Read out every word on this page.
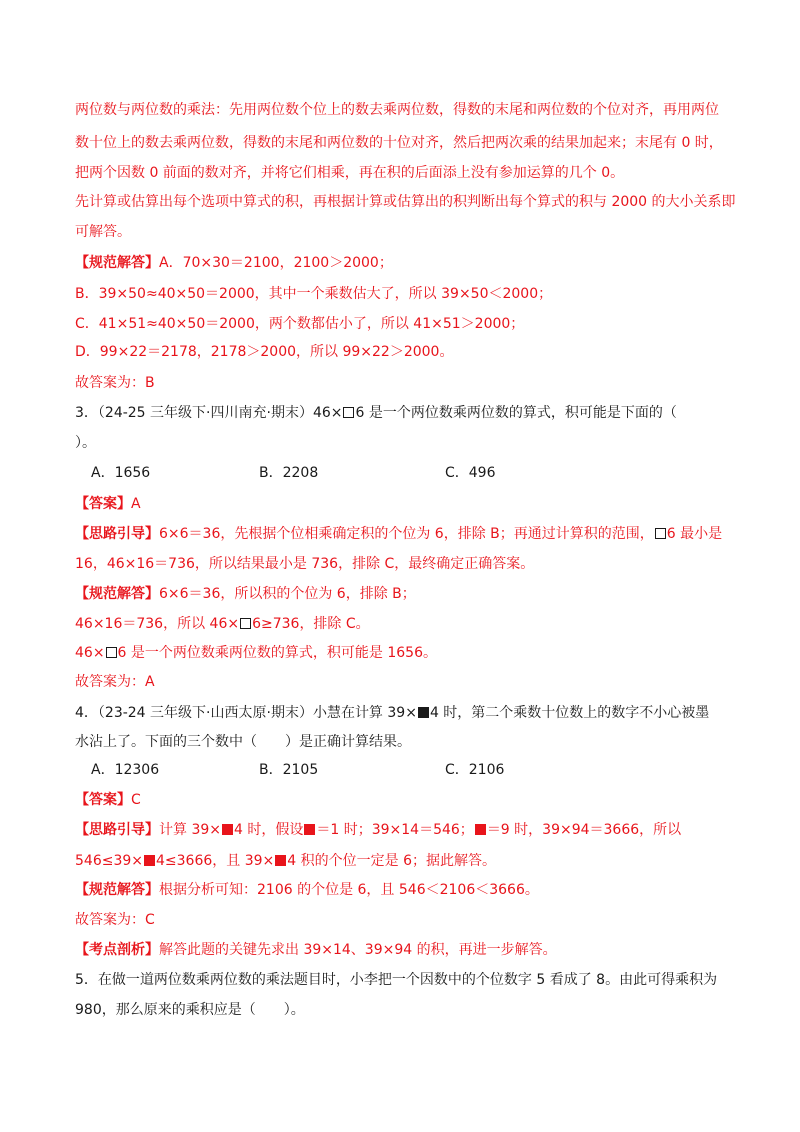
两位数与两位数的乘法：先用两位数个位上的数去乘两位数，得数的末尾和两位数的个位对齐，再用两位
数十位上的数去乘两位数，得数的末尾和两位数的十位对齐，然后把两次乘的结果加起来；末尾有 0 时，
把两个因数 0 前面的数对齐，并将它们相乘，再在积的后面添上没有参加运算的几个 0。
先计算或估算出每个选项中算式的积，再根据计算或估算出的积判断出每个算式的积与 2000 的大小关系即
可解答。
【规范解答】A．70×30＝2100，2100＞2000；
B．39×50≈40×50＝2000，其中一个乘数估大了，所以 39×50＜2000；
C．41×51≈40×50＝2000，两个数都估小了，所以 41×51＞2000；
D．99×22＝2178，2178＞2000，所以 99×22＞2000。
故答案为：B
3．（24-25 三年级下·四川南充·期末）46× 6 是一个两位数乘两位数的算式，积可能是下面的（
）。
A．1656	B．2208	C．496
【答案】A
【思路引导】6×6＝36，先根据个位相乘确定积的个位为 6，排除 B；再通过计算积的范围， 6 最小是
16，46×16＝736，所以结果最小是 736，排除 C，最终确定正确答案。
【规范解答】6×6＝36，所以积的个位为 6，排除 B；
46×16＝736，所以 46× 6≥736，排除 C。
46× 6 是一个两位数乘两位数的算式，积可能是 1656。
故答案为：A
4．（23-24 三年级下·山西太原·期末）小慧在计算 39× 4 时，第二个乘数十位数上的数字不小心被墨
水沾上了。下面的三个数中（　　）是正确计算结果。
A．12306	B．2105	C．2106
【答案】C
【思路引导】计算 39× 4 时，假设 ＝1 时；39×14＝546； ＝9 时，39×94＝3666，所以
546≤39× 4≤3666，且 39× 4 积的个位一定是 6；据此解答。
【规范解答】根据分析可知：2106 的个位是 6，且 546＜2106＜3666。
故答案为：C
【考点剖析】解答此题的关键先求出 39×14、39×94 的积，再进一步解答。
5．在做一道两位数乘两位数的乘法题目时，小李把一个因数中的个位数字 5 看成了 8。由此可得乘积为
980，那么原来的乘积应是（　　）。
